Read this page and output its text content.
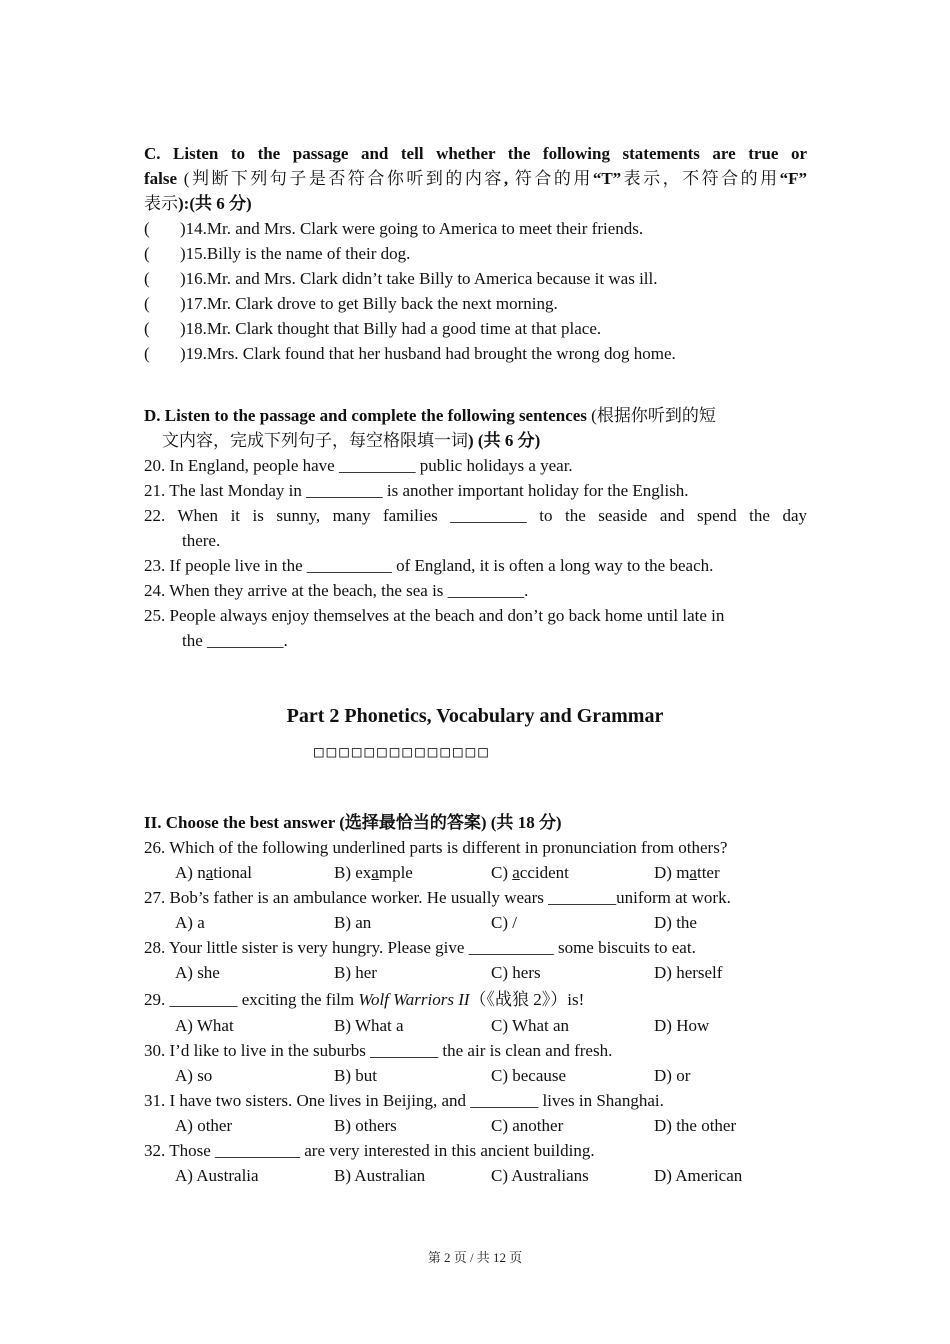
C. Listen to the passage and tell whether the following statements are true or
false (判断下列句子是否符合你听到的内容, 符合的用“T”表示，不符合的用“F”
表示):(共 6 分)
( )14.Mr. and Mrs. Clark were going to America to meet their friends.
( )15.Billy is the name of their dog.
( )16.Mr. and Mrs. Clark didn’t take Billy to America because it was ill.
( )17.Mr. Clark drove to get Billy back the next morning.
( )18.Mr. Clark thought that Billy had a good time at that place.
( )19.Mrs. Clark found that her husband had brought the wrong dog home.
D. Listen to the passage and complete the following sentences (根据你听到的短
文内容，完成下列句子，每空格限填一词) (共 6 分)
20. In England, people have _________ public holidays a year.
21. The last Monday in _________ is another important holiday for the English.
22. When it is sunny, many families _________ to the seaside and spend the day
there.
23. If people live in the __________ of England, it is often a long way to the beach.
24. When they arrive at the beach, the sea is _________.
25. People always enjoy themselves at the beach and don’t go back home until late in
the _________.
Part 2 Phonetics, Vocabulary and Grammar
□□□□□□□□□□□□□□
II. Choose the best answer (选择最恰当的答案) (共 18 分)
26. Which of the following underlined parts is different in pronunciation from others?
A) national	B) example	C) accident	D) matter
27. Bob’s father is an ambulance worker. He usually wears ________uniform at work.
A) a	B) an	C) /	D) the
28. Your little sister is very hungry. Please give __________ some biscuits to eat.
A) she	B) her	C) hers	D) herself
29. ________ exciting the film Wolf Warriors II（《战狼 2》）is!
A) What	B) What a	C) What an	D) How
30. I’d like to live in the suburbs ________ the air is clean and fresh.
A) so	B) but	C) because	D) or
31. I have two sisters. One lives in Beijing, and ________ lives in Shanghai.
A) other	B) others	C) another	D) the other
32. Those __________ are very interested in this ancient building.
A) Australia	B) Australian	C) Australians	D) American
第 2 页 / 共 12 页
